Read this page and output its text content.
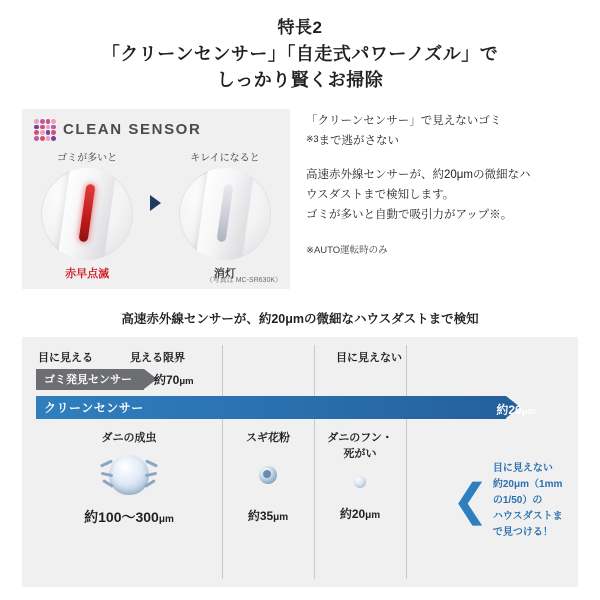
特長2
「クリーンセンサー」「自走式パワーノズル」で
しっかり賢くお掃除
CLEAN SENSOR
ゴミが多いと
赤早点滅
キレイになると
消灯
（写真は MC-SR630K）

「クリーンセンサー」で見えないゴミ
$^{※3}$まで逃がさない

高速赤外線センサーが、約20μmの微細なハ
ウスダストまで検知します。
ゴミが多いと自動で吸引力がアップ※。

※AUTO運転時のみ

高速赤外線センサーが、約20μmの微細なハウスダストまで検知
目に見える	見える限界	目に見えない
ゴミ発見センサー	約70μm
クリーンセンサー	約20μm
ダニの成虫
約100〜300μm
スギ花粉
約35μm
ダニのフン・
死がい
約20μm	❮
目に見えない
約20μm（1mmの1/50）の
ハウスダストまで見つける！
